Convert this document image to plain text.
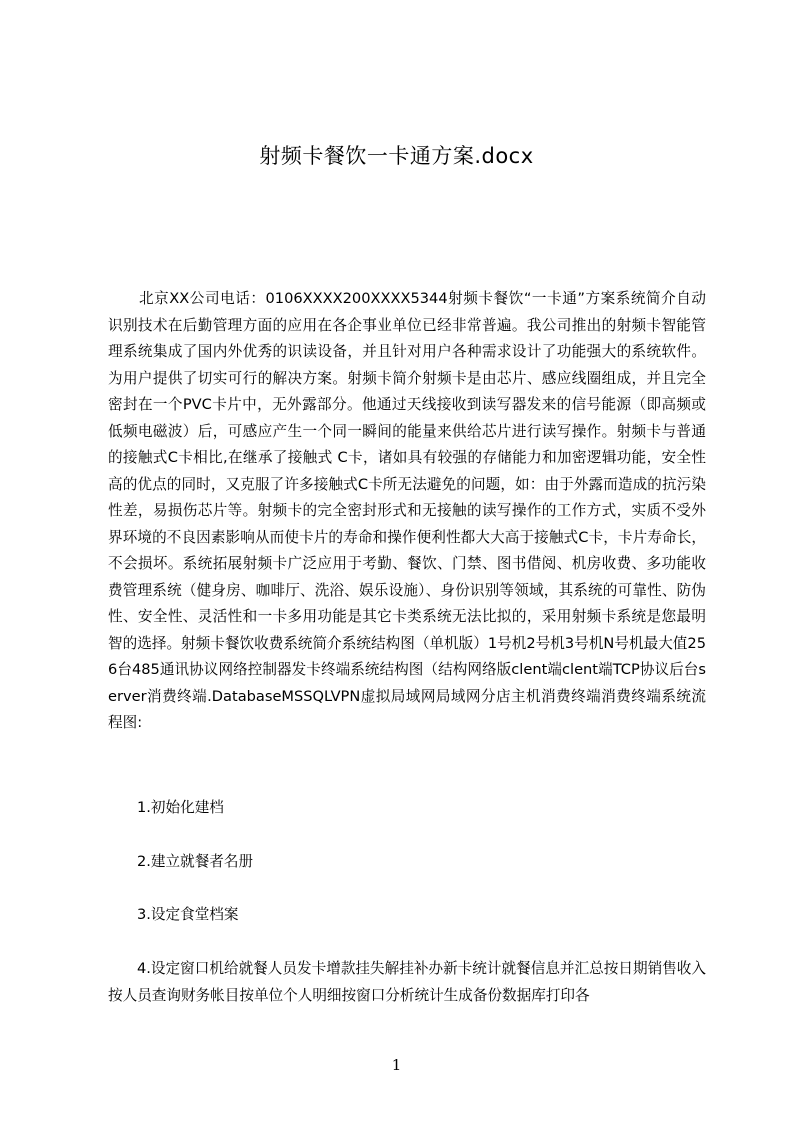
射频卡餐饮一卡通方案.docx

北京XX公司电话：0106XXXX200XXXX5344射频卡餐饮“一卡通”方案系统简介自动识别技术在后勤管理方面的应用在各企事业单位已经非常普遍。我公司推出的射频卡智能管理系统集成了国内外优秀的识读设备，并且针对用户各种需求设计了功能强大的系统软件。为用户提供了切实可行的解决方案。射频卡简介射频卡是由芯片、感应线圈组成，并且完全密封在一个PVC卡片中，无外露部分。他通过天线接收到读写器发来的信号能源（即高频或低频电磁波）后，可感应产生一个同一瞬间的能量来供给芯片进行读写操作。射频卡与普通的接触式C卡相比,在继承了接触式 C卡，诸如具有较强的存储能力和加密逻辑功能，安全性高的优点的同时，又克服了许多接触式C卡所无法避免的问题，如：由于外露而造成的抗污染性差，易损伤芯片等。射频卡的完全密封形式和无接触的读写操作的工作方式，实质不受外界环境的不良因素影响从而使卡片的寿命和操作便利性都大大高于接触式C卡，卡片寿命长，不会损坏。系统拓展射频卡广泛应用于考勤、餐饮、门禁、图书借阅、机房收费、多功能收费管理系统（健身房、咖啡厅、洗浴、娱乐设施）、身份识别等领域，其系统的可靠性、防伪性、安全性、灵活性和一卡多用功能是其它卡类系统无法比拟的，采用射频卡系统是您最明智的选择。射频卡餐饮收费系统简介系统结构图（单机版）1号机2号机3号机N号机最大值256台485通讯协议网络控制器发卡终端系统结构图（结构网络版clent端clent端TCP协议后台server消费终端.DatabaseMSSQLVPN虚拟局域网局域网分店主机消费终端消费终端系统流程图:

1.初始化建档

2.建立就餐者名册

3.设定食堂档案

4.设定窗口机给就餐人员发卡增款挂失解挂补办新卡统计就餐信息并汇总按日期销售收入按人员查询财务帐目按单位个人明细按窗口分析统计生成备份数据库打印各

1
